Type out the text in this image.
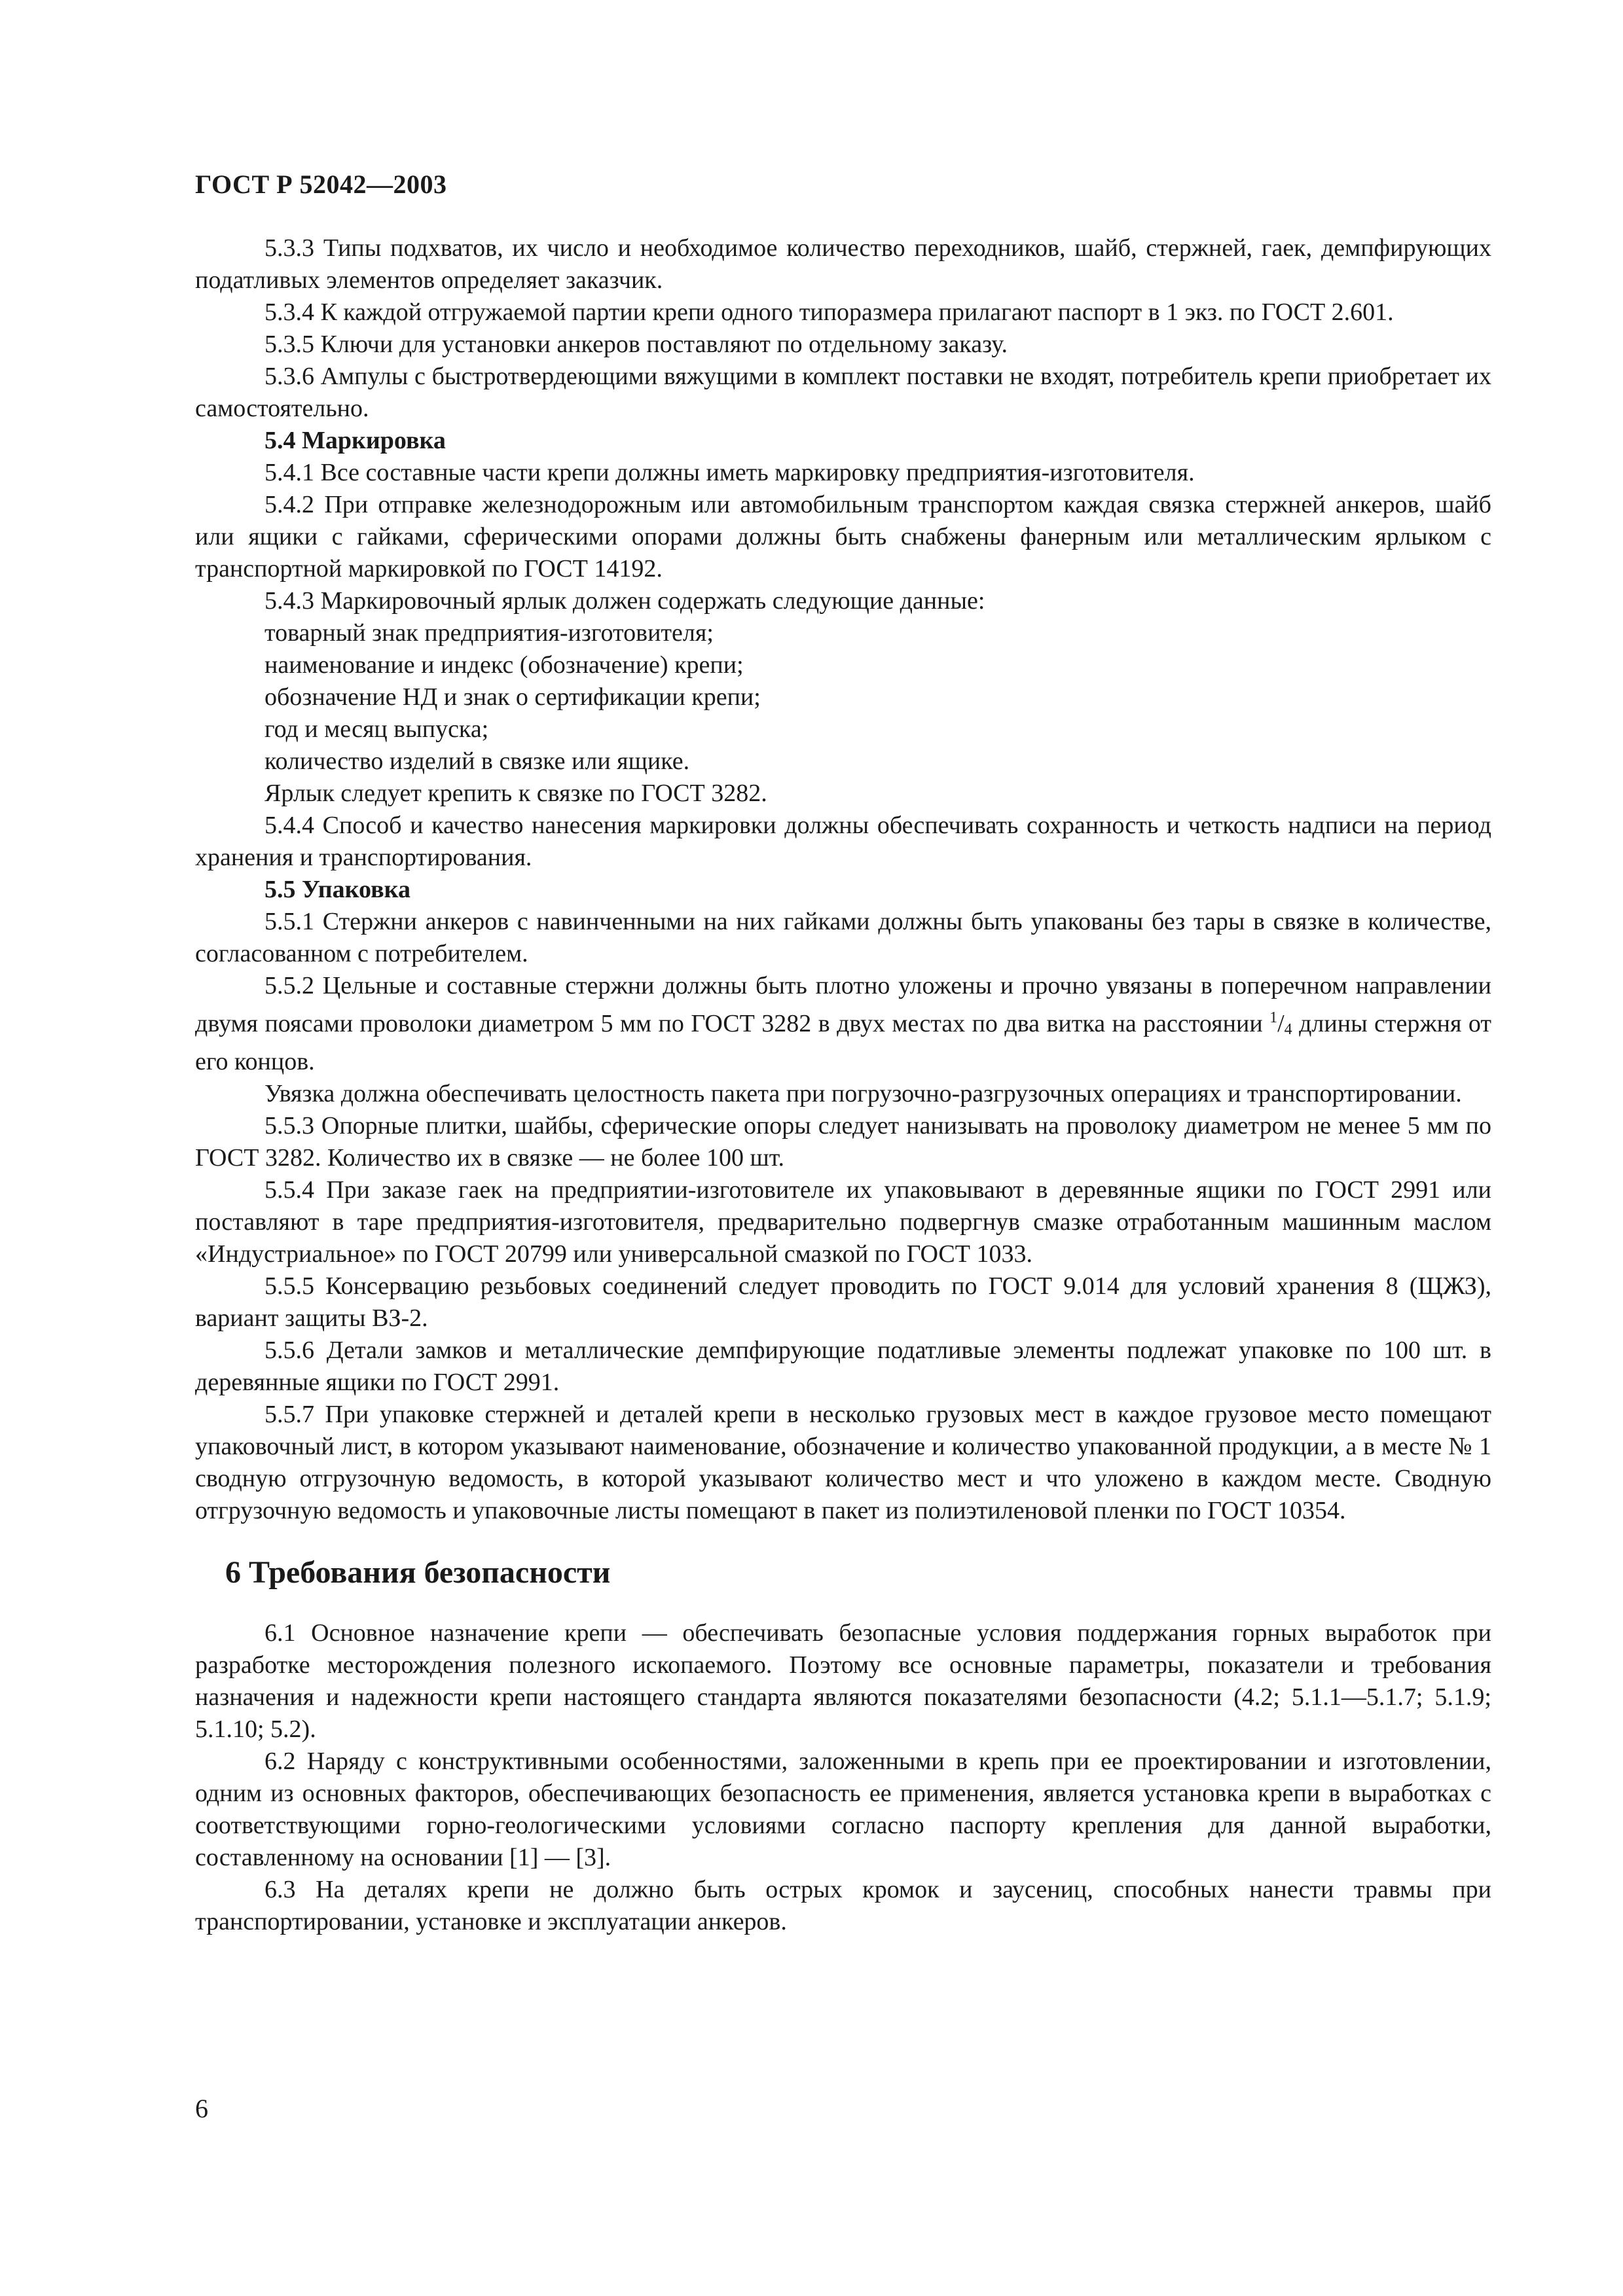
ГОСТ Р 52042—2003

5.3.3 Типы подхватов, их число и необходимое количество переходников, шайб, стержней, гаек, демпфирующих податливых элементов определяет заказчик.

5.3.4 К каждой отгружаемой партии крепи одного типоразмера прилагают паспорт в 1 экз. по ГОСТ 2.601.

5.3.5 Ключи для установки анкеров поставляют по отдельному заказу.

5.3.6 Ампулы с быстротвердеющими вяжущими в комплект поставки не входят, потребитель крепи приобретает их самостоятельно.

5.4 Маркировка

5.4.1 Все составные части крепи должны иметь маркировку предприятия-изготовителя.

5.4.2 При отправке железнодорожным или автомобильным транспортом каждая связка стержней анкеров, шайб или ящики с гайками, сферическими опорами должны быть снабжены фанерным или металлическим ярлыком с транспортной маркировкой по ГОСТ 14192.

5.4.3 Маркировочный ярлык должен содержать следующие данные:

товарный знак предприятия-изготовителя;

наименование и индекс (обозначение) крепи;

обозначение НД и знак о сертификации крепи;

год и месяц выпуска;

количество изделий в связке или ящике.

Ярлык следует крепить к связке по ГОСТ 3282.

5.4.4 Способ и качество нанесения маркировки должны обеспечивать сохранность и четкость надписи на период хранения и транспортирования.

5.5 Упаковка

5.5.1 Стержни анкеров с навинченными на них гайками должны быть упакованы без тары в связке в количестве, согласованном с потребителем.

5.5.2 Цельные и составные стержни должны быть плотно уложены и прочно увязаны в поперечном направлении двумя поясами проволоки диаметром 5 мм по ГОСТ 3282 в двух местах по два витка на расстоянии $^1/_4$ длины стержня от его концов.

Увязка должна обеспечивать целостность пакета при погрузочно-разгрузочных операциях и транспортировании.

5.5.3 Опорные плитки, шайбы, сферические опоры следует нанизывать на проволоку диаметром не менее 5 мм по ГОСТ 3282. Количество их в связке — не более 100 шт.

5.5.4 При заказе гаек на предприятии-изготовителе их упаковывают в деревянные ящики по ГОСТ 2991 или поставляют в таре предприятия-изготовителя, предварительно подвергнув смазке отработанным машинным маслом «Индустриальное» по ГОСТ 20799 или универсальной смазкой по ГОСТ 1033.

5.5.5 Консервацию резьбовых соединений следует проводить по ГОСТ 9.014 для условий хранения 8 (ЩЖЗ), вариант защиты ВЗ-2.

5.5.6 Детали замков и металлические демпфирующие податливые элементы подлежат упаковке по 100 шт. в деревянные ящики по ГОСТ 2991.

5.5.7 При упаковке стержней и деталей крепи в несколько грузовых мест в каждое грузовое место помещают упаковочный лист, в котором указывают наименование, обозначение и количество упакованной продукции, а в месте № 1 сводную отгрузочную ведомость, в которой указывают количество мест и что уложено в каждом месте. Сводную отгрузочную ведомость и упаковочные листы помещают в пакет из полиэтиленовой пленки по ГОСТ 10354.

6 Требования безопасности

6.1 Основное назначение крепи — обеспечивать безопасные условия поддержания горных выработок при разработке месторождения полезного ископаемого. Поэтому все основные параметры, показатели и требования назначения и надежности крепи настоящего стандарта являются показателями безопасности (4.2; 5.1.1—5.1.7; 5.1.9; 5.1.10; 5.2).

6.2 Наряду с конструктивными особенностями, заложенными в крепь при ее проектировании и изготовлении, одним из основных факторов, обеспечивающих безопасность ее применения, является установка крепи в выработках с соответствующими горно-геологическими условиями согласно паспорту крепления для данной выработки, составленному на основании [1] — [3].

6.3 На деталях крепи не должно быть острых кромок и заусениц, способных нанести травмы при транспортировании, установке и эксплуатации анкеров.

6
